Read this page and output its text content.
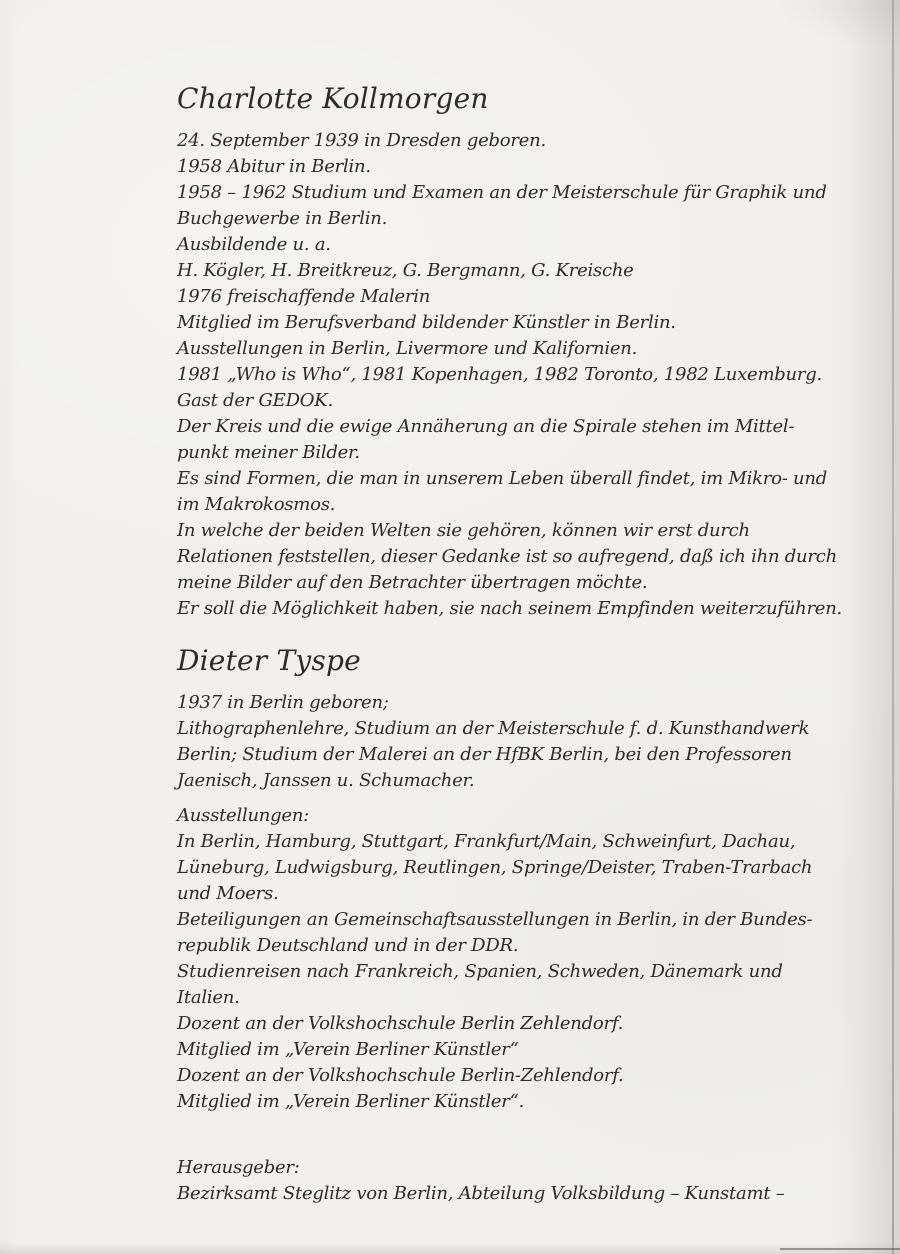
Charlotte Kollmorgen
24. September 1939 in Dresden geboren.
1958 Abitur in Berlin.
1958 – 1962 Studium und Examen an der Meisterschule für Graphik und
Buchgewerbe in Berlin.
Ausbildende u. a.
H. Kögler, H. Breitkreuz, G. Bergmann, G. Kreische
1976 freischaffende Malerin
Mitglied im Berufsverband bildender Künstler in Berlin.
Ausstellungen in Berlin, Livermore und Kalifornien.
1981 „Who is Who“, 1981 Kopenhagen, 1982 Toronto, 1982 Luxemburg.
Gast der GEDOK.
Der Kreis und die ewige Annäherung an die Spirale stehen im Mittel-
punkt meiner Bilder.
Es sind Formen, die man in unserem Leben überall findet, im Mikro- und
im Makrokosmos.
In welche der beiden Welten sie gehören, können wir erst durch
Relationen feststellen, dieser Gedanke ist so aufregend, daß ich ihn durch
meine Bilder auf den Betrachter übertragen möchte.
Er soll die Möglichkeit haben, sie nach seinem Empfinden weiterzuführen.
Dieter Tyspe
1937 in Berlin geboren;
Lithographenlehre, Studium an der Meisterschule f. d. Kunsthandwerk
Berlin; Studium der Malerei an der HfBK Berlin, bei den Professoren
Jaenisch, Janssen u. Schumacher.
Ausstellungen:
In Berlin, Hamburg, Stuttgart, Frankfurt/Main, Schweinfurt, Dachau,
Lüneburg, Ludwigsburg, Reutlingen, Springe/Deister, Traben-Trarbach
und Moers.
Beteiligungen an Gemeinschaftsausstellungen in Berlin, in der Bundes-
republik Deutschland und in der DDR.
Studienreisen nach Frankreich, Spanien, Schweden, Dänemark und
Italien.
Dozent an der Volkshochschule Berlin Zehlendorf.
Mitglied im „Verein Berliner Künstler“
Dozent an der Volkshochschule Berlin-Zehlendorf.
Mitglied im „Verein Berliner Künstler“.
Herausgeber:
Bezirksamt Steglitz von Berlin, Abteilung Volksbildung – Kunstamt –
